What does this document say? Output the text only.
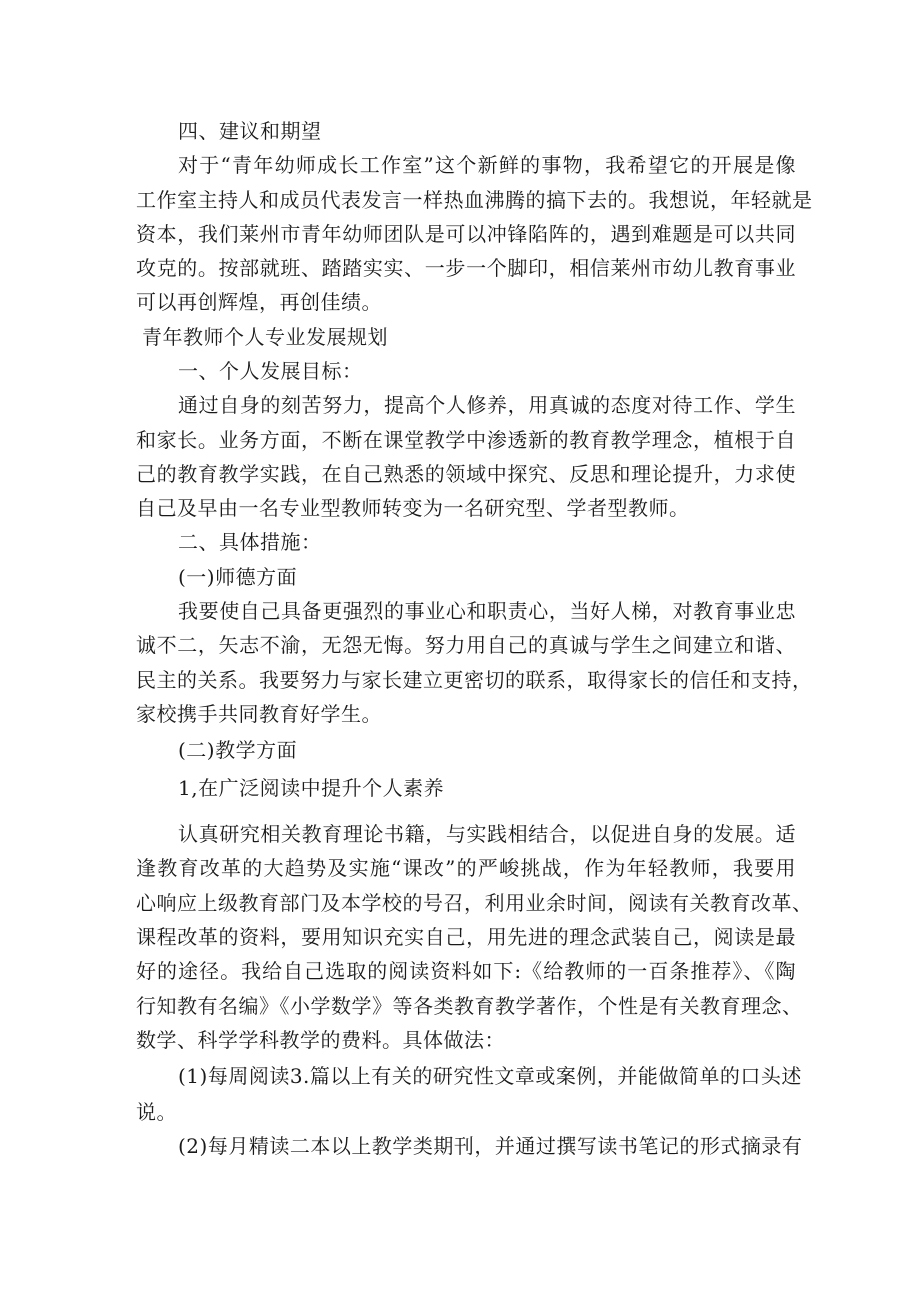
四、建议和期望
对于“青年幼师成长工作室”这个新鲜的事物，我希望它的开展是像
工作室主持人和成员代表发言一样热血沸腾的搞下去的。我想说，年轻就是
资本，我们莱州市青年幼师团队是可以冲锋陷阵的，遇到难题是可以共同
攻克的。按部就班、踏踏实实、一步一个脚印，相信莱州市幼儿教育事业
可以再创辉煌，再创佳绩。
青年教师个人专业发展规划
一、个人发展目标：
通过自身的刻苦努力，提高个人修养，用真诚的态度对待工作、学生
和家长。业务方面，不断在课堂教学中渗透新的教育教学理念，植根于自
己的教育教学实践，在自己熟悉的领域中探究、反思和理论提升，力求使
自己及早由一名专业型教师转变为一名研究型、学者型教师。
二、具体措施：
(一)师德方面
我要使自己具备更强烈的事业心和职责心，当好人梯，对教育事业忠
诚不二，矢志不渝，无怨无悔。努力用自己的真诚与学生之间建立和谐、
民主的关系。我要努力与家长建立更密切的联系，取得家长的信任和支持，
家校携手共同教育好学生。
(二)教学方面
1,在广泛阅读中提升个人素养
认真研究相关教育理论书籍，与实践相结合，以促进自身的发展。适
逢教育改革的大趋势及实施“课改”的严峻挑战，作为年轻教师，我要用
心响应上级教育部门及本学校的号召，利用业余时间，阅读有关教育改革、
课程改革的资料，要用知识充实自己，用先进的理念武装自己，阅读是最
好的途径。我给自己选取的阅读资料如下:《给教师的一百条推荐》、《陶
行知教有名编》《小学数学》等各类教育教学著作，个性是有关教育理念、
数学、科学学科教学的费料。具体做法：
(1)每周阅读3.篇以上有关的研究性文章或案例，并能做简单的口头述
说。
(2)每月精读二本以上教学类期刊，并通过撰写读书笔记的形式摘录有
